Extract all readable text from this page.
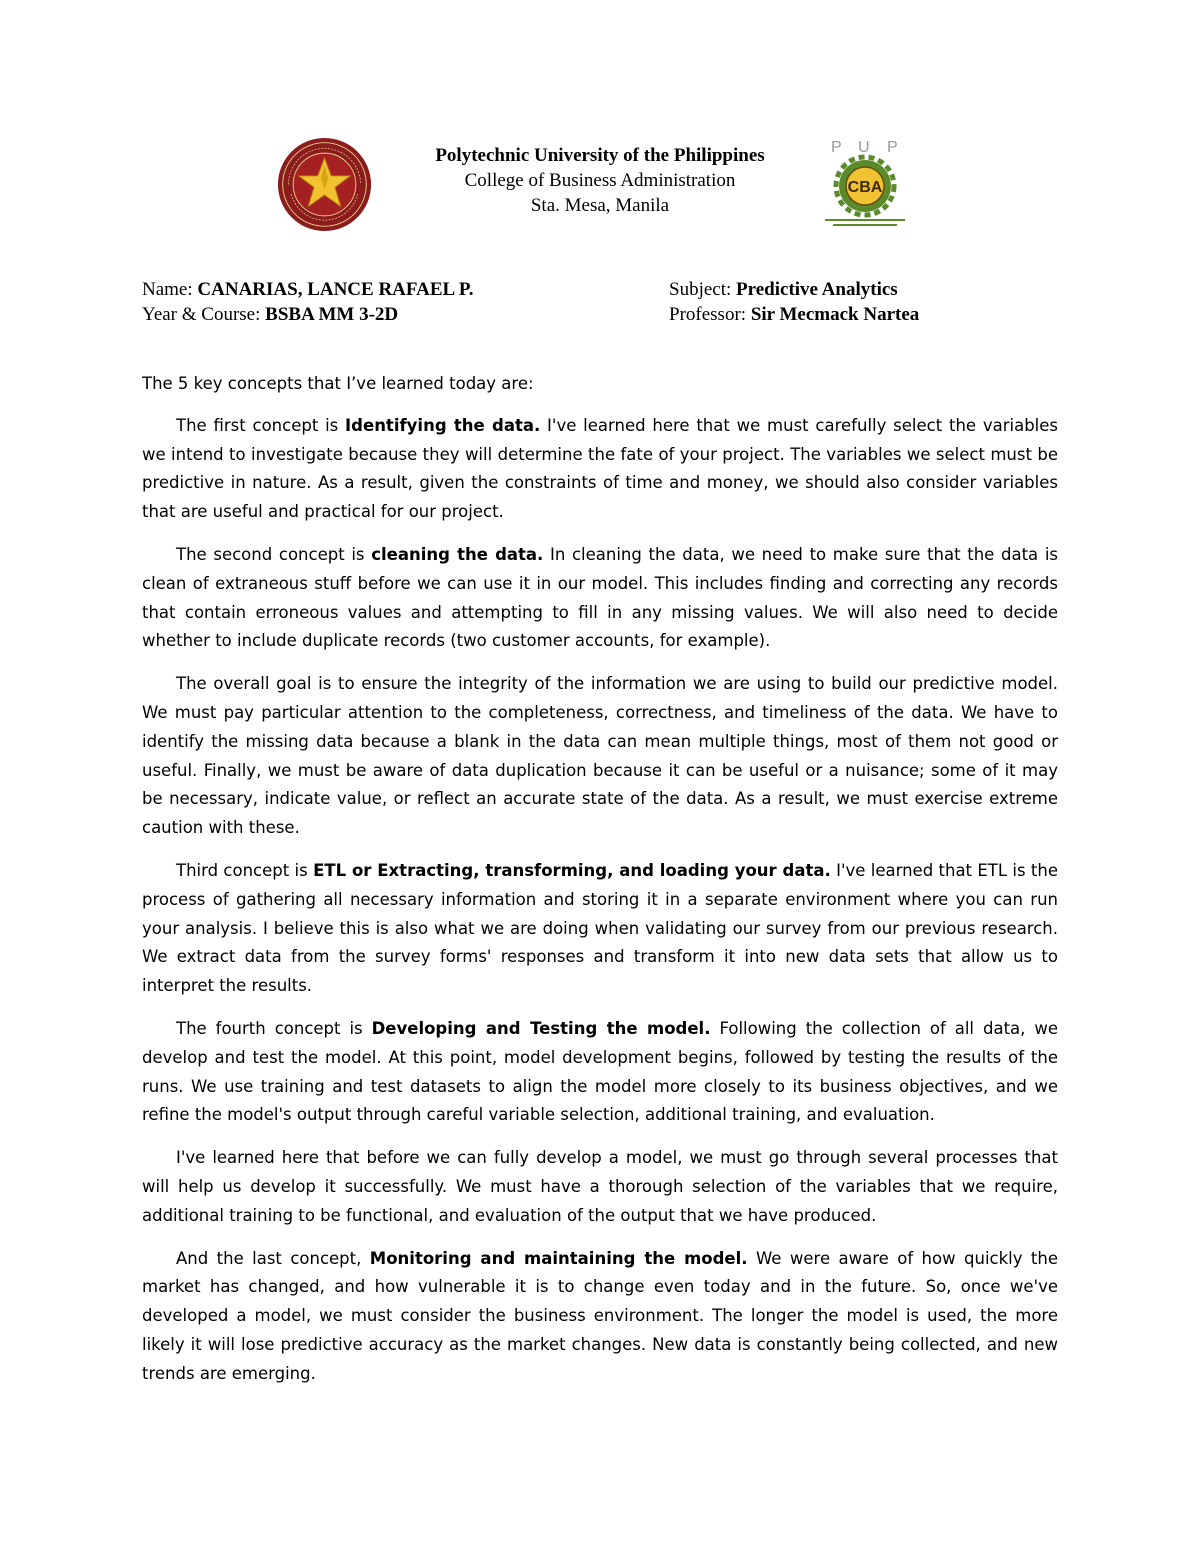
Polytechnic University of the Philippines
College of Business Administration
Sta. Mesa, Manila
P U P
CBA
Name: CANARIAS, LANCE RAFAEL P.
Year & Course: BSBA MM 3-2D
Subject: Predictive Analytics
Professor: Sir Mecmack Nartea

The 5 key concepts that I’ve learned today are:

The first concept is Identifying the data. I've learned here that we must carefully select the variables we intend to investigate because they will determine the fate of your project. The variables we select must be predictive in nature. As a result, given the constraints of time and money, we should also consider variables that are useful and practical for our project.

The second concept is cleaning the data. In cleaning the data, we need to make sure that the data is clean of extraneous stuff before we can use it in our model. This includes finding and correcting any records that contain erroneous values and attempting to fill in any missing values. We will also need to decide whether to include duplicate records (two customer accounts, for example).

The overall goal is to ensure the integrity of the information we are using to build our predictive model. We must pay particular attention to the completeness, correctness, and timeliness of the data. We have to identify the missing data because a blank in the data can mean multiple things, most of them not good or useful. Finally, we must be aware of data duplication because it can be useful or a nuisance; some of it may be necessary, indicate value, or reflect an accurate state of the data. As a result, we must exercise extreme caution with these.

Third concept is ETL or Extracting, transforming, and loading your data. I've learned that ETL is the process of gathering all necessary information and storing it in a separate environment where you can run your analysis. I believe this is also what we are doing when validating our survey from our previous research. We extract data from the survey forms' responses and transform it into new data sets that allow us to interpret the results.

The fourth concept is Developing and Testing the model. Following the collection of all data, we develop and test the model. At this point, model development begins, followed by testing the results of the runs. We use training and test datasets to align the model more closely to its business objectives, and we refine the model's output through careful variable selection, additional training, and evaluation.

I've learned here that before we can fully develop a model, we must go through several processes that will help us develop it successfully. We must have a thorough selection of the variables that we require, additional training to be functional, and evaluation of the output that we have produced.

And the last concept, Monitoring and maintaining the model. We were aware of how quickly the market has changed, and how vulnerable it is to change even today and in the future. So, once we've developed a model, we must consider the business environment. The longer the model is used, the more likely it will lose predictive accuracy as the market changes. New data is constantly being collected, and new trends are emerging.
